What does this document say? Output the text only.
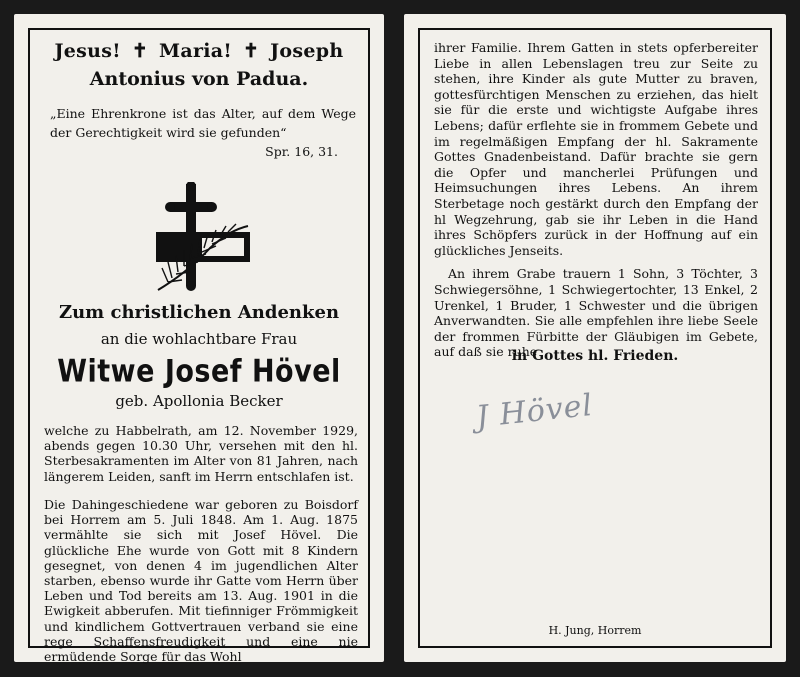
Jesus! ✝ Maria! ✝ Joseph
Antonius von Padua.
„Eine Ehrenkrone ist das Alter, auf dem Wege der Gerechtigkeit wird sie gefunden“
Spr. 16, 31.
Zum christlichen Andenken
an die wohlachtbare Frau
Witwe Josef Hövel
geb. Apollonia Becker

welche zu Habbelrath, am 12. November 1929, abends gegen 10.30 Uhr, versehen mit den hl. Sterbesakramenten im Alter von 81 Jahren, nach längerem Leiden, sanft im Herrn entschlafen ist.

Die Dahingeschiedene war geboren zu Boisdorf bei Horrem am 5. Juli 1848. Am 1. Aug. 1875 vermählte sie sich mit Josef Hövel. Die glückliche Ehe wurde von Gott mit 8 Kindern gesegnet, von denen 4 im jugendlichen Alter starben, ebenso wurde ihr Gatte vom Herrn über Leben und Tod bereits am 13. Aug. 1901 in die Ewigkeit abberufen. Mit tiefinniger Frömmigkeit und kindlichem Gottvertrauen verband sie eine rege Schaffensfreudigkeit und eine nie ermüdende Sorge für das Wohl

ihrer Familie. Ihrem Gatten in stets opferbereiter Liebe in allen Lebenslagen treu zur Seite zu stehen, ihre Kinder als gute Mutter zu braven, gottesfürchtigen Menschen zu erziehen, das hielt sie für die erste und wichtigste Aufgabe ihres Lebens; dafür erflehte sie in frommem Gebete und im regelmäßigen Empfang der hl. Sakramente Gottes Gnadenbeistand. Dafür brachte sie gern die Opfer und mancherlei Prüfungen und Heimsuchungen ihres Lebens. An ihrem Sterbetage noch gestärkt durch den Empfang der hl Wegzehrung, gab sie ihr Leben in die Hand ihres Schöpfers zurück in der Hoffnung auf ein glückliches Jenseits.

An ihrem Grabe trauern 1 Sohn, 3 Töchter, 3 Schwiegersöhne, 1 Schwiegertochter, 13 Enkel, 2 Urenkel, 1 Bruder, 1 Schwester und die übrigen Anverwandten. Sie alle empfehlen ihre liebe Seele der frommen Fürbitte der Gläubigen im Gebete, auf daß sie ruhe

in Gottes hl. Frieden.
J Hövel
H. Jung, Horrem
